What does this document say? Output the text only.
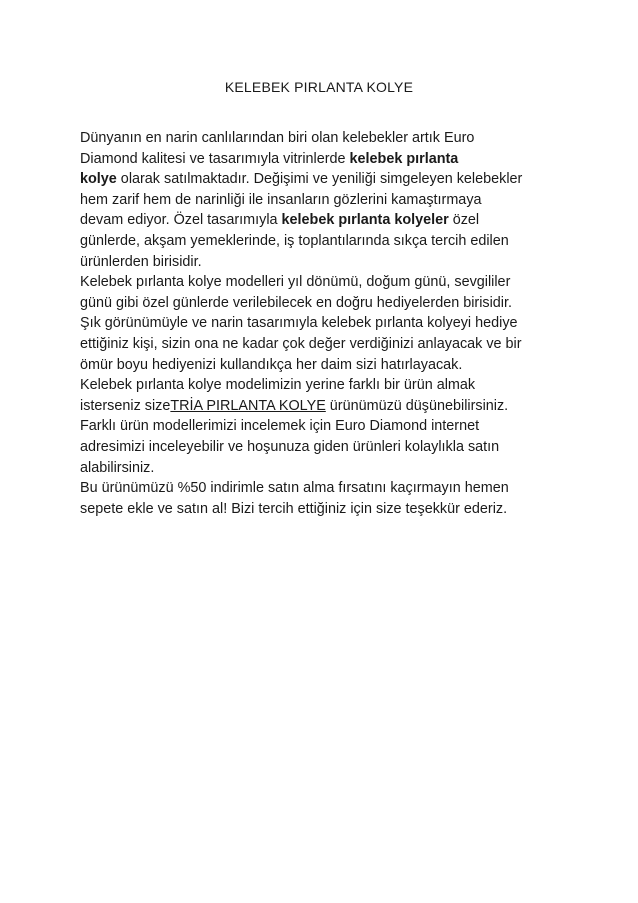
KELEBEK PIRLANTA KOLYE
Dünyanın en narin canlılarından biri olan kelebekler artık Euro
Diamond kalitesi ve tasarımıyla vitrinlerde kelebek pırlanta
kolye olarak satılmaktadır. Değişimi ve yeniliği simgeleyen kelebekler
hem zarif hem de narinliği ile insanların gözlerini kamaştırmaya
devam ediyor. Özel tasarımıyla kelebek pırlanta kolyeler özel
günlerde, akşam yemeklerinde, iş toplantılarında sıkça tercih edilen
ürünlerden birisidir.
Kelebek pırlanta kolye modelleri yıl dönümü, doğum günü, sevgililer
günü gibi özel günlerde verilebilecek en doğru hediyelerden birisidir.
Şık görünümüyle ve narin tasarımıyla kelebek pırlanta kolyeyi hediye
ettiğiniz kişi, sizin ona ne kadar çok değer verdiğinizi anlayacak ve bir
ömür boyu hediyenizi kullandıkça her daim sizi hatırlayacak.
Kelebek pırlanta kolye modelimizin yerine farklı bir ürün almak
isterseniz sizeTRİA PIRLANTA KOLYE ürünümüzü düşünebilirsiniz.
Farklı ürün modellerimizi incelemek için Euro Diamond internet
adresimizi inceleyebilir ve hoşunuza giden ürünleri kolaylıkla satın
alabilirsiniz.
Bu ürünümüzü %50 indirimle satın alma fırsatını kaçırmayın hemen
sepete ekle ve satın al! Bizi tercih ettiğiniz için size teşekkür ederiz.
